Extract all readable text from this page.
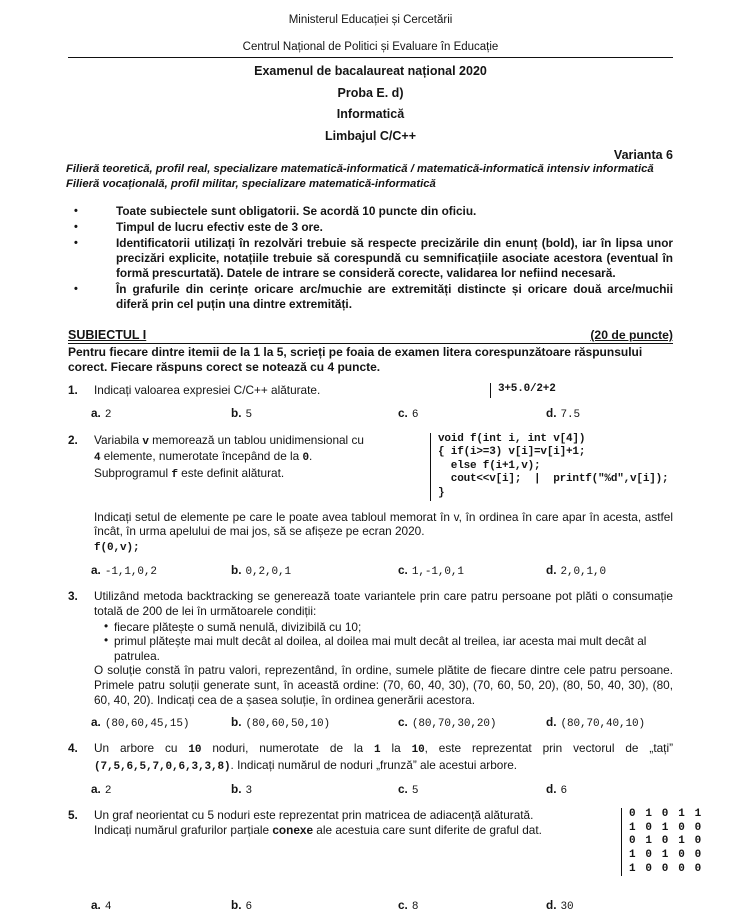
Ministerul Educației și Cercetării
Centrul Național de Politici și Evaluare în Educație
Examenul de bacalaureat național 2020
Proba E. d)
Informatică
Limbajul C/C++
Varianta 6
Filieră teoretică, profil real, specializare matematică-informatică / matematică-informatică intensiv informatică
Filieră vocațională, profil militar, specializare matematică-informatică
•	Toate subiectele sunt obligatorii. Se acordă 10 puncte din oficiu.
•	Timpul de lucru efectiv este de 3 ore.
•	Identificatorii utilizați în rezolvări trebuie să respecte precizările din enunț (bold), iar în lipsa unor precizări explicite, notațiile trebuie să corespundă cu semnificațiile asociate acestora (eventual în formă prescurtată). Datele de intrare se consideră corecte, validarea lor nefiind necesară.
•	În grafurile din cerințe oricare arc/muchie are extremități distincte și oricare două arce/muchii diferă prin cel puțin una dintre extremități.
SUBIECTUL I	(20 de puncte)
Pentru fiecare dintre itemii de la 1 la 5, scrieți pe foaia de examen litera corespunzătoare răspunsului corect. Fiecare răspuns corect se notează cu 4 puncte.
1.	Indicați valoarea expresiei C/C++ alăturate.	3+5.0/2+2
a. 2	b. 5	c. 6	d. 7.5
2.	Variabila v memorează un tablou unidimensional cu
4 elemente, numerotate începând de la 0.
Subprogramul f este definit alăturat.
void f(int i, int v[4])
{ if(i>=3) v[i]=v[i]+1;
else f(i+1,v);
cout<<v[i];  |  printf("%d",v[i]);
}
Indicați setul de elemente pe care le poate avea tabloul memorat în v, în ordinea în care apar în acesta, astfel încât, în urma apelului de mai jos, să se afișeze pe ecran 2020.
f(0,v);
a. -1,1,0,2	b. 0,2,0,1	c. 1,-1,0,1	d. 2,0,1,0
3.	Utilizând metoda backtracking se generează toate variantele prin care patru persoane pot plăti o consumație totală de 200 de lei în următoarele condiții:
• fiecare plătește o sumă nenulă, divizibilă cu 10;
• primul plătește mai mult decât al doilea, al doilea mai mult decât al treilea, iar acesta mai mult decât al patrulea.
O soluție constă în patru valori, reprezentând, în ordine, sumele plătite de fiecare dintre cele patru persoane. Primele patru soluții generate sunt, în această ordine: (70, 60, 40, 30), (70, 60, 50, 20), (80, 50, 40, 30), (80, 60, 40, 20). Indicați cea de a șasea soluție, în ordinea generării acestora.
a. (80,60,45,15)	b. (80,60,50,10)	c. (80,70,30,20)	d. (80,70,40,10)
4.	Un arbore cu 10 noduri, numerotate de la 1 la 10, este reprezentat prin vectorul de „tați” (7,5,6,5,7,0,6,3,3,8). Indicați numărul de noduri „frunză” ale acestui arbore.
a. 2	b. 3	c. 5	d. 6
5.	Un graf neorientat cu 5 noduri este reprezentat prin matricea de adiacență alăturată.
Indicați numărul grafurilor parțiale conexe ale acestuia care sunt diferite de graful dat.
0 1 0 1 1
1 0 1 0 0
0 1 0 1 0
1 0 1 0 0
1 0 0 0 0
a. 4	b. 6	c. 8	d. 30
